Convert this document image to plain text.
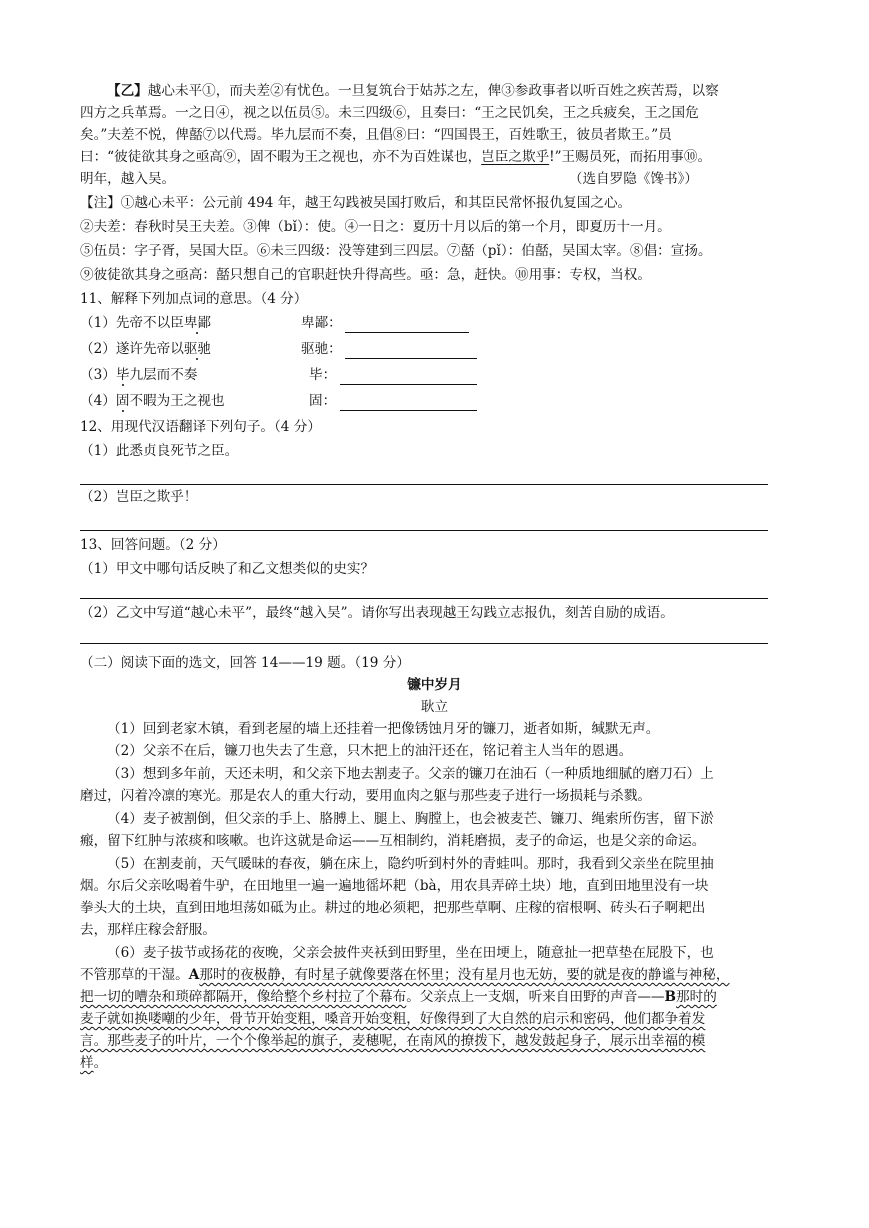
【乙】越心未平①，而夫差②有忧色。一旦复筑台于姑苏之左，俾③参政事者以听百姓之疾苦焉，以察
四方之兵革焉。一之日④，视之以伍员⑤。未三四级⑥，且奏曰：“王之民饥矣，王之兵疲矣，王之国危
矣。”夫差不悦，俾嚭⑦以代焉。毕九层而不奏，且倡⑧曰：“四国畏王，百姓歌王，彼员者欺王。”员
曰：“彼徒欲其身之亟高⑨，固不暇为王之视也，亦不为百姓谋也，岂臣之欺乎!”王赐员死，而拓用事⑩。
明年，越入吴。	（选自罗隐《馋书》）
【注】①越心未平：公元前 494 年，越王勾践被吴国打败后，和其臣民常怀报仇复国之心。
②夫差：春秋时吴王夫差。③俾（bǐ）：使。④一日之：夏历十月以后的第一个月，即夏历十一月。
⑤伍员：字子胥，吴国大臣。⑥未三四级：没等建到三四层。⑦嚭（pǐ）：伯嚭，吴国太宰。⑧倡：宣扬。
⑨彼徒欲其身之亟高：嚭只想自己的官职赶快升得高些。亟：急，赶快。⑩用事：专权，当权。
11、解释下列加点词的意思。（4 分）
（1）先帝不以臣卑鄙	卑鄙：
（2）遂许先帝以驱驰	驱驰：
（3）毕九层而不奏	毕：
（4）固不暇为王之视也	固：
12、用现代汉语翻译下列句子。（4 分）
（1）此悉贞良死节之臣。
（2）岂臣之欺乎！
13、回答问题。（2 分）
（1）甲文中哪句话反映了和乙文想类似的史实？
（2）乙文中写道“越心未平”，最终“越入吴”。请你写出表现越王勾践立志报仇，刻苦自励的成语。
（二）阅读下面的选文，回答 14——19 题。（19 分）
镰中岁月
耿立
（1）回到老家木镇，看到老屋的墙上还挂着一把像锈蚀月牙的镰刀，逝者如斯，缄默无声。
（2）父亲不在后，镰刀也失去了生意，只木把上的油汗还在，铭记着主人当年的恩遇。
（3）想到多年前，天还未明，和父亲下地去割麦子。父亲的镰刀在油石（一种质地细腻的磨刀石）上
磨过，闪着冷凛的寒光。那是农人的重大行动，要用血肉之躯与那些麦子进行一场损耗与杀戮。
（4）麦子被割倒，但父亲的手上、胳膊上、腿上、胸膛上，也会被麦芒、镰刀、绳索所伤害，留下淤
瘢，留下红肿与浓痰和咳嗽。也许这就是命运——互相制约，消耗磨损，麦子的命运，也是父亲的命运。
（5）在割麦前，天气暖昧的春夜，躺在床上，隐约听到村外的青蛙叫。那时，我看到父亲坐在院里抽
烟。尔后父亲吆喝着牛驴，在田地里一遍一遍地徭坏耙（bà，用农具弄碎土块）地，直到田地里没有一块
拳头大的土块，直到田地坦荡如砥为止。耕过的地必须耙，把那些草啊、庄稼的宿根啊、砖头石子啊耙出
去，那样庄稼会舒服。
（6）麦子拔节或扬花的夜晚，父亲会披件夹袄到田野里，坐在田埂上，随意扯一把草垫在屁股下，也
不管那草的干湿。A那时的夜极静，有时星子就像要落在怀里；没有星月也无妨，要的就是夜的静谧与神秘，
把一切的嘈杂和琐碎都隔开，像给整个乡村拉了个幕布。父亲点上一支烟，听来自田野的声音——B那时的
麦子就如换喽嘲的少年，骨节开始变粗，嗓音开始变粗，好像得到了大自然的启示和密码，他们都争着发
言。那些麦子的叶片，一个个像举起的旗子，麦穗呢，在南风的撩拨下，越发鼓起身子，展示出幸福的模
样。
